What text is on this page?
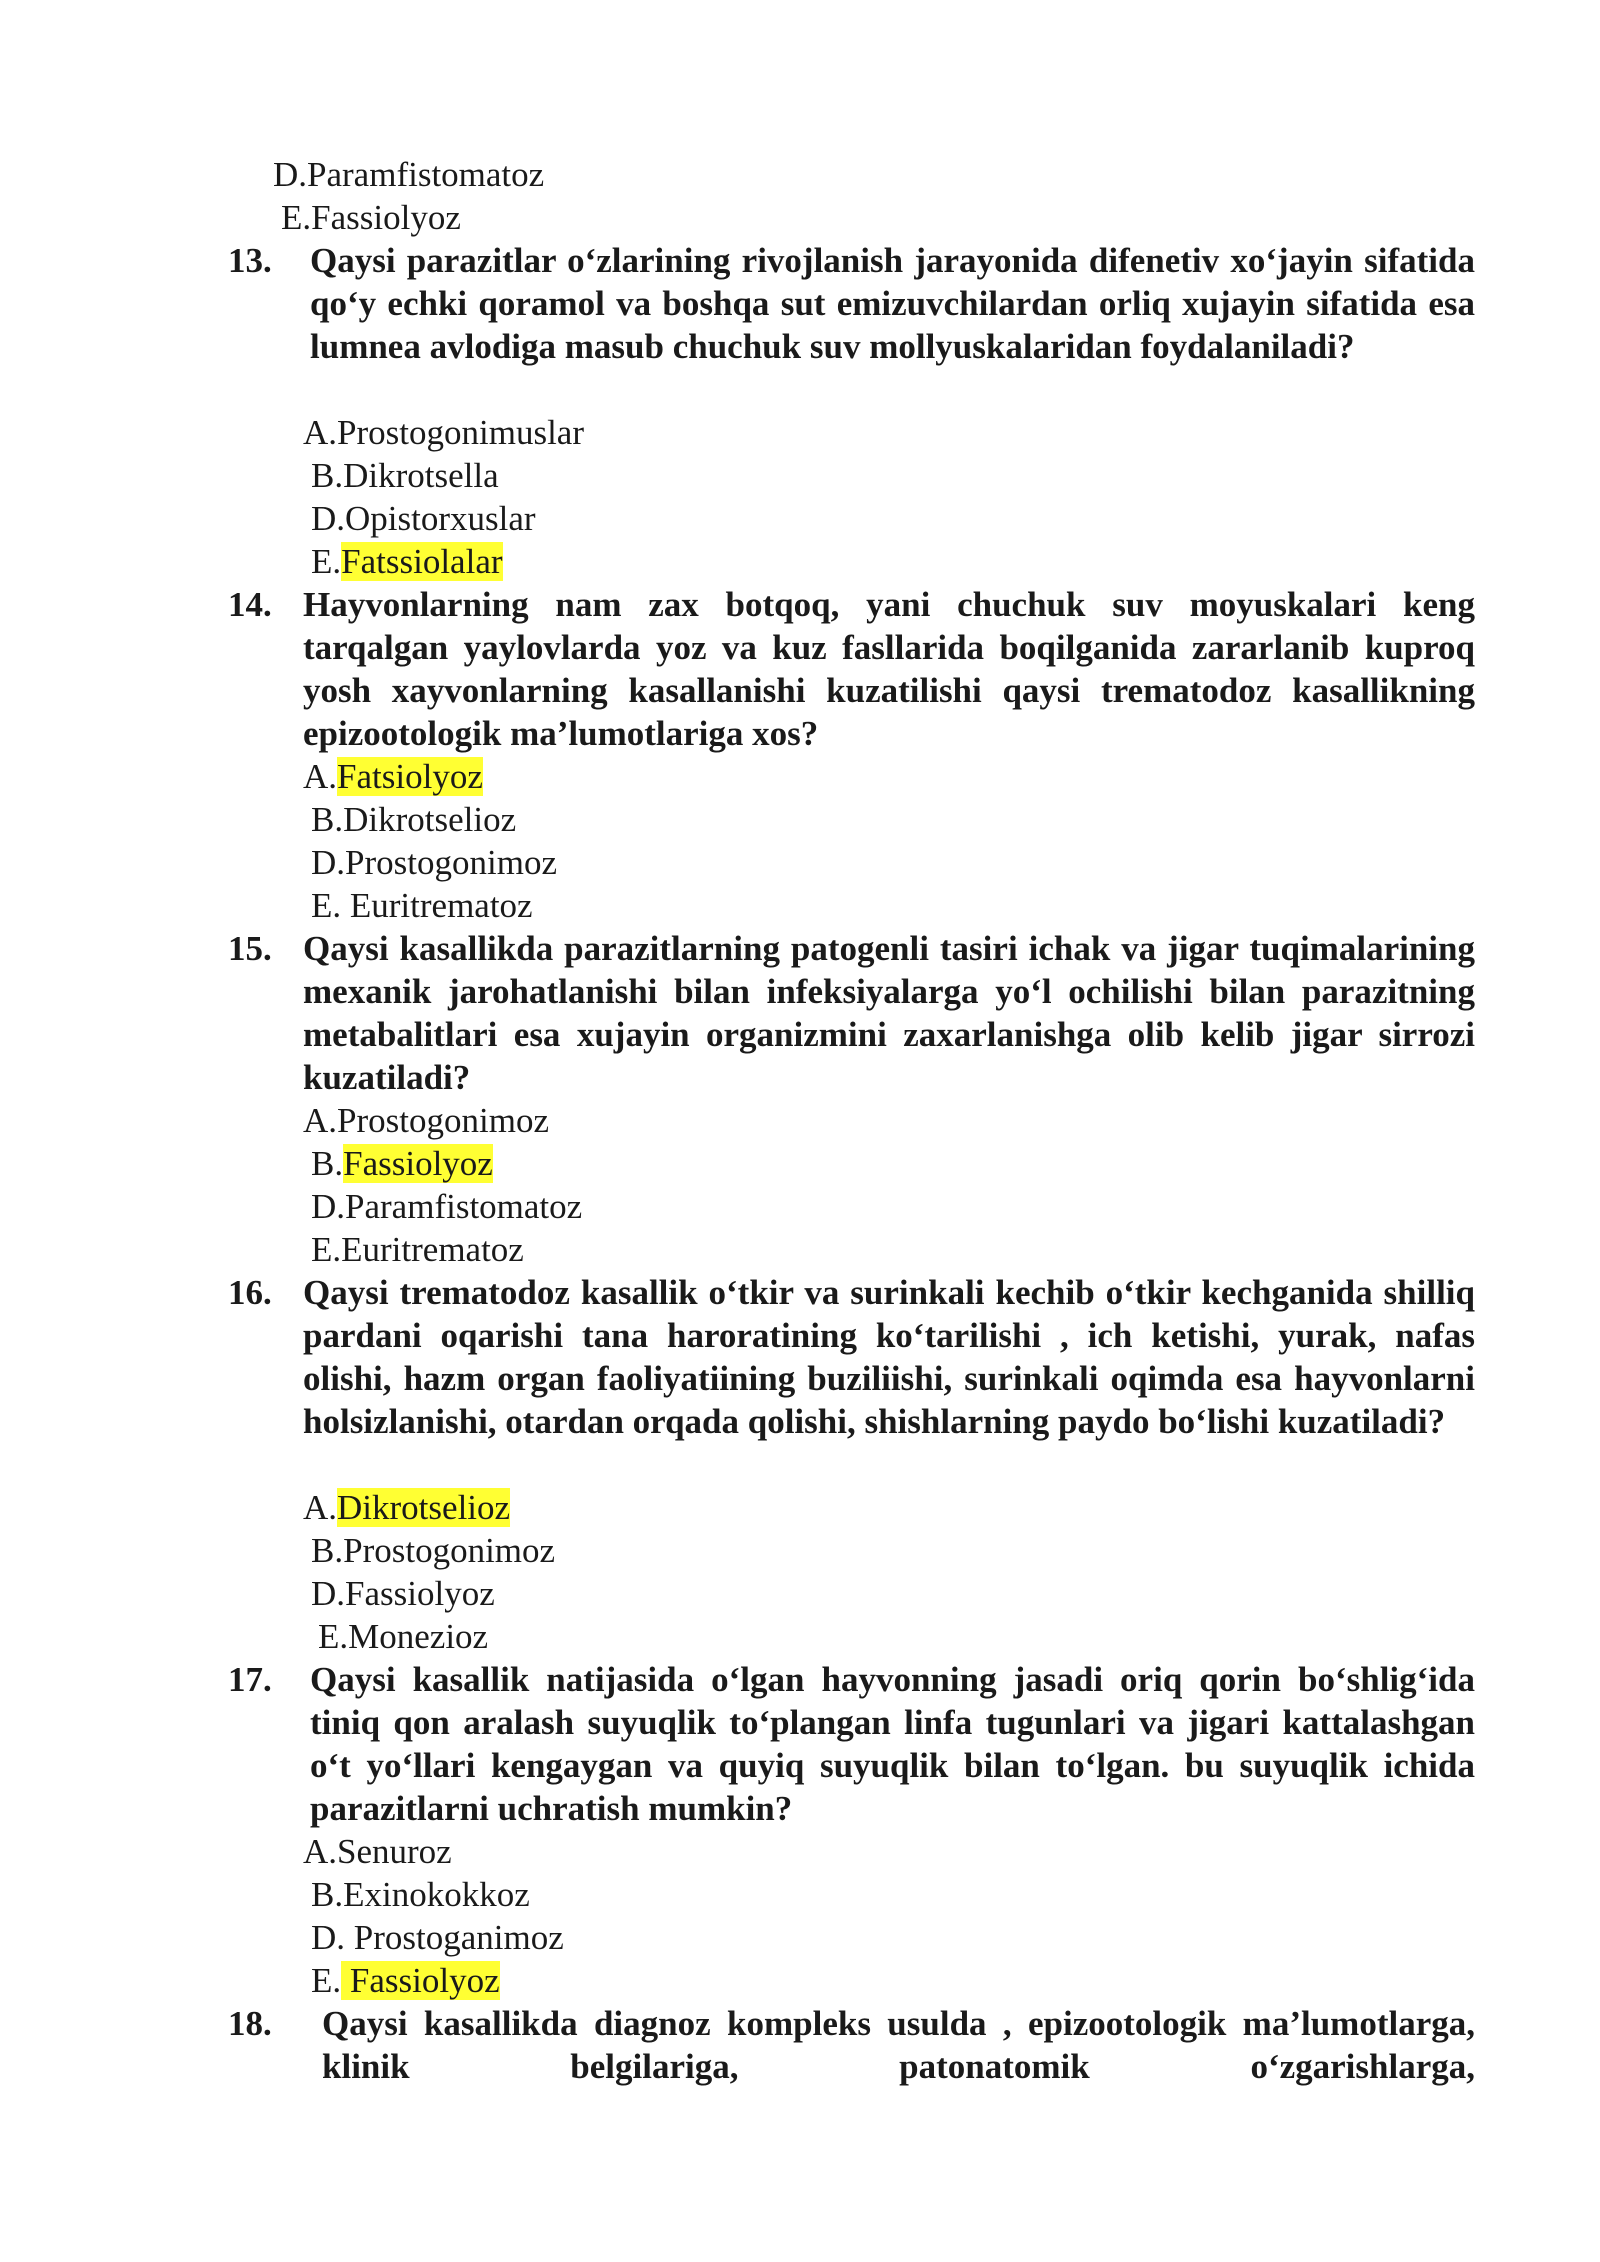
D.Paramfistomatoz
E.Fassiolyoz
13. Qaysi parazitlar o‘zlarining rivojlanish jarayonida difenetiv xo‘jayin sifatida qo‘y echki qoramol va boshqa sut emizuvchilardan orliq xujayin sifatida esa lumnea avlodiga masub chuchuk suv mollyuskalaridan foydalaniladi?
A.Prostogonimuslar
B.Dikrotsella
D.Opistorxuslar
E.Fatssiolalar
14. Hayvonlarning nam zax botqoq, yani chuchuk suv moyuskalari keng tarqalgan yaylovlarda yoz va kuz fasllarida boqilganida zararlanib kuproq yosh xayvonlarning kasallanishi kuzatilishi qaysi trematodoz kasallikning epizootologik ma’lumotlariga xos?
A.Fatsiolyoz
B.Dikrotselioz
D.Prostogonimoz
E. Euritrematoz
15. Qaysi kasallikda parazitlarning patogenli tasiri ichak va jigar tuqimalarining mexanik jarohatlanishi bilan infeksiyalarga yo‘l ochilishi bilan parazitning metabalitlari esa xujayin organizmini zaxarlanishga olib kelib jigar sirrozi kuzatiladi?
A.Prostogonimoz
B.Fassiolyoz
D.Paramfistomatoz
E.Euritrematoz
16. Qaysi trematodoz kasallik o‘tkir va surinkali kechib o‘tkir kechganida shilliq pardani oqarishi tana haroratining ko‘tarilishi , ich ketishi, yurak, nafas olishi, hazm organ faoliyatiining buziliishi, surinkali oqimda esa hayvonlarni holsizlanishi, otardan orqada qolishi, shishlarning paydo bo‘lishi kuzatiladi?
A.Dikrotselioz
B.Prostogonimoz
D.Fassiolyoz
E.Monezioz
17. Qaysi kasallik natijasida o‘lgan hayvonning jasadi oriq qorin bo‘shlig‘ida tiniq qon aralash suyuqlik to‘plangan linfa tugunlari va jigari kattalashgan o‘t yo‘llari kengaygan va quyiq suyuqlik bilan to‘lgan. bu suyuqlik ichida parazitlarni uchratish mumkin?
A.Senuroz
B.Exinokokkoz
D. Prostoganimoz
E. Fassiolyoz
18. Qaysi kasallikda diagnoz kompleks usulda , epizootologik ma’lumotlarga, klinik belgilariga, patonatomik o‘zgarishlarga,
